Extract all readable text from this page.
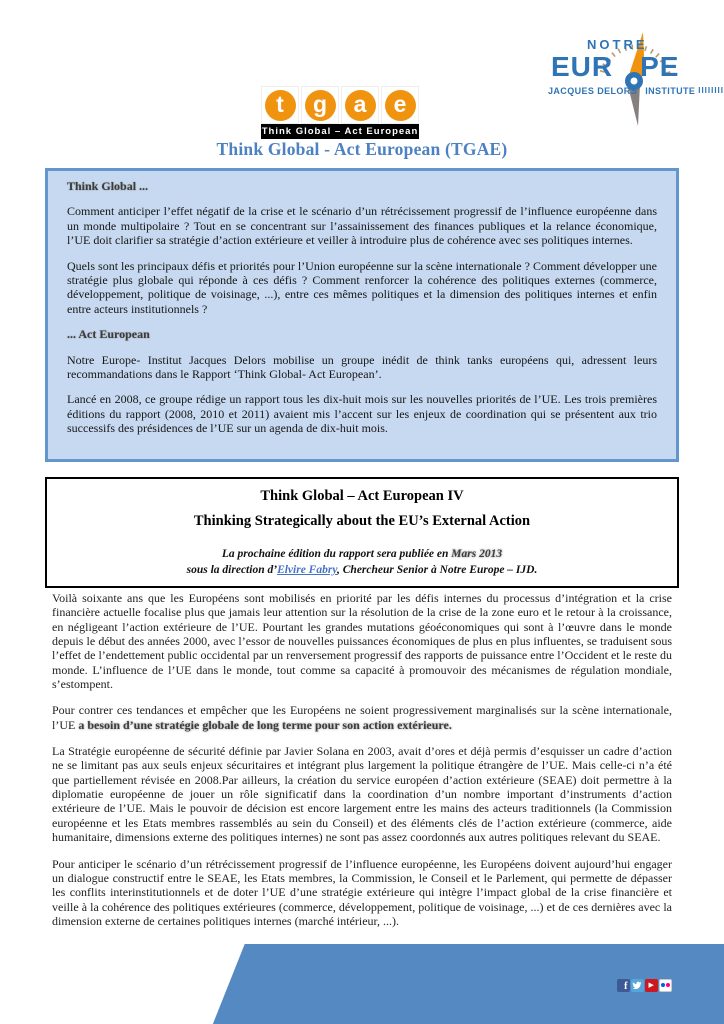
NOTRE
EUR PE
JACQUES DELORS INSTITUTE
IIIIIIII
t	g	a	e
Think Global – Act European
Think Global - Act European (TGAE)

Think Global ...

Comment anticiper l’effet négatif de la crise et le scénario d’un rétrécissement progressif de l’influence européenne dans un monde multipolaire ? Tout en se concentrant sur l’assainissement des finances publiques et la relance économique, l’UE doit clarifier sa stratégie d’action extérieure et veiller à introduire plus de cohérence avec ses politiques internes.

Quels sont les principaux défis et priorités pour l’Union européenne sur la scène internationale ? Comment développer une stratégie plus globale qui réponde à ces défis ? Comment renforcer la cohérence des politiques externes (commerce, développement, politique de voisinage, ...), entre ces mêmes politiques et la dimension des politiques internes et enfin entre acteurs institutionnels ?

... Act European

Notre Europe- Institut Jacques Delors mobilise un groupe inédit de think tanks européens qui, adressent leurs recommandations dans le Rapport ‘Think Global- Act European’.

Lancé en 2008, ce groupe rédige un rapport tous les dix-huit mois sur les nouvelles priorités de l’UE. Les trois premières éditions du rapport (2008, 2010 et 2011) avaient mis l’accent sur les enjeux de coordination qui se présentent aux trio successifs des présidences de l’UE sur un agenda de dix-huit mois.

Think Global – Act European IV
Thinking Strategically about the EU’s External Action
La prochaine édition du rapport sera publiée en Mars 2013
sous la direction d’Elvire Fabry, Chercheur Senior à Notre Europe – IJD.

Voilà soixante ans que les Européens sont mobilisés en priorité par les défis internes du processus d’intégration et la crise financière actuelle focalise plus que jamais leur attention sur la résolution de la crise de la zone euro et le retour à la croissance, en négligeant l’action extérieure de l’UE. Pourtant les grandes mutations géoéconomiques qui sont à l’œuvre dans le monde depuis le début des années 2000, avec l’essor de nouvelles puissances économiques de plus en plus influentes, se traduisent sous l’effet de l’endettement public occidental par un renversement progressif des rapports de puissance entre l’Occident et le reste du monde. L’influence de l’UE dans le monde, tout comme sa capacité à promouvoir des mécanismes de régulation mondiale, s’estompent.

Pour contrer ces tendances et empêcher que les Européens ne soient progressivement marginalisés sur la scène internationale, l’UE a besoin d’une stratégie globale de long terme pour son action extérieure.

La Stratégie européenne de sécurité définie par Javier Solana en 2003, avait d’ores et déjà permis d’esquisser un cadre d’action ne se limitant pas aux seuls enjeux sécuritaires et intégrant plus largement la politique étrangère de l’UE. Mais celle-ci n’a été que partiellement révisée en 2008.Par ailleurs, la création du service européen d’action extérieure (SEAE) doit permettre à la diplomatie européenne de jouer un rôle significatif dans la coordination d’un nombre important d’instruments d’action extérieure de l’UE. Mais le pouvoir de décision est encore largement entre les mains des acteurs traditionnels (la Commission européenne et les Etats membres rassemblés au sein du Conseil) et des éléments clés de l’action extérieure (commerce, aide humanitaire, dimensions externe des politiques internes) ne sont pas assez coordonnés aux autres politiques relevant du SEAE.

Pour anticiper le scénario d’un rétrécissement progressif de l’influence européenne, les Européens doivent aujourd’hui engager un dialogue constructif entre le SEAE, les Etats membres, la Commission, le Conseil et le Parlement, qui permette de dépasser les conflits interinstitutionnels et de doter l’UE d’une stratégie extérieure qui intègre l’impact global de la crise financière et veille à la cohérence des politiques extérieures (commerce, développement, politique de voisinage, ...) et de ces dernières avec la dimension externe de certaines politiques internes (marché intérieur, ...).

f	▶
